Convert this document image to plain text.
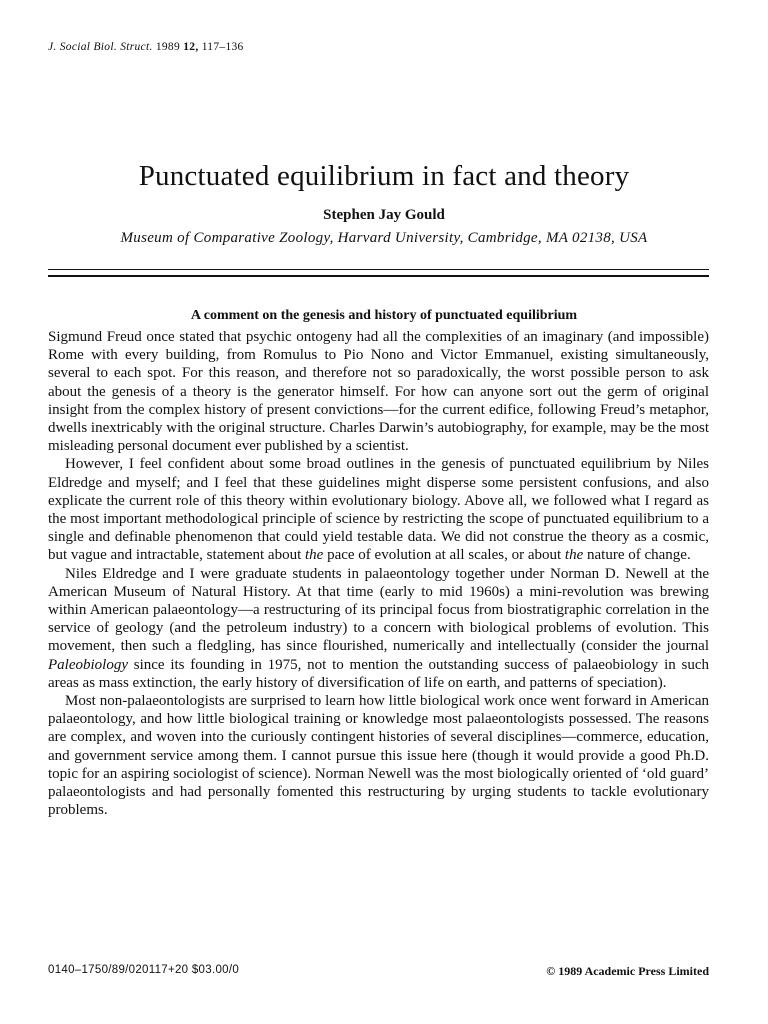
J. Social Biol. Struct. 1989 12, 117–136
Punctuated equilibrium in fact and theory
Stephen Jay Gould
Museum of Comparative Zoology, Harvard University, Cambridge, MA 02138, USA
A comment on the genesis and history of punctuated equilibrium

Sigmund Freud once stated that psychic ontogeny had all the complexities of an imaginary (and impossible) Rome with every building, from Romulus to Pio Nono and Victor Emmanuel, existing simultaneously, several to each spot. For this reason, and therefore not so paradoxically, the worst possible person to ask about the genesis of a theory is the generator himself. For how can anyone sort out the germ of original insight from the complex history of present convictions—for the current edifice, following Freud’s metaphor, dwells inextricably with the original structure. Charles Darwin’s autobiography, for example, may be the most misleading personal document ever published by a scientist.

However, I feel confident about some broad outlines in the genesis of punctuated equilibrium by Niles Eldredge and myself; and I feel that these guidelines might disperse some persistent confusions, and also explicate the current role of this theory within evolutionary biology. Above all, we followed what I regard as the most important methodological principle of science by restricting the scope of punctuated equilibrium to a single and definable phenomenon that could yield testable data. We did not construe the theory as a cosmic, but vague and intractable, statement about the pace of evolution at all scales, or about the nature of change.

Niles Eldredge and I were graduate students in palaeontology together under Norman D. Newell at the American Museum of Natural History. At that time (early to mid 1960s) a mini-revolution was brewing within American palaeontology—a restructuring of its principal focus from biostratigraphic correlation in the service of geology (and the petroleum industry) to a concern with biological problems of evolution. This movement, then such a fledgling, has since flourished, numerically and intellectually (consider the journal Paleobiology since its founding in 1975, not to mention the outstanding success of palaeobiology in such areas as mass extinction, the early history of diversification of life on earth, and patterns of speciation).

Most non-palaeontologists are surprised to learn how little biological work once went forward in American palaeontology, and how little biological training or knowledge most palaeontologists possessed. The reasons are complex, and woven into the curiously contingent histories of several disciplines—commerce, education, and government service among them. I cannot pursue this issue here (though it would provide a good Ph.D. topic for an aspiring sociologist of science). Norman Newell was the most biologically oriented of ‘old guard’ palaeontologists and had personally fomented this restructuring by urging students to tackle evolutionary problems.

0140–1750/89/020117+20 $03.00/0	© 1989 Academic Press Limited
